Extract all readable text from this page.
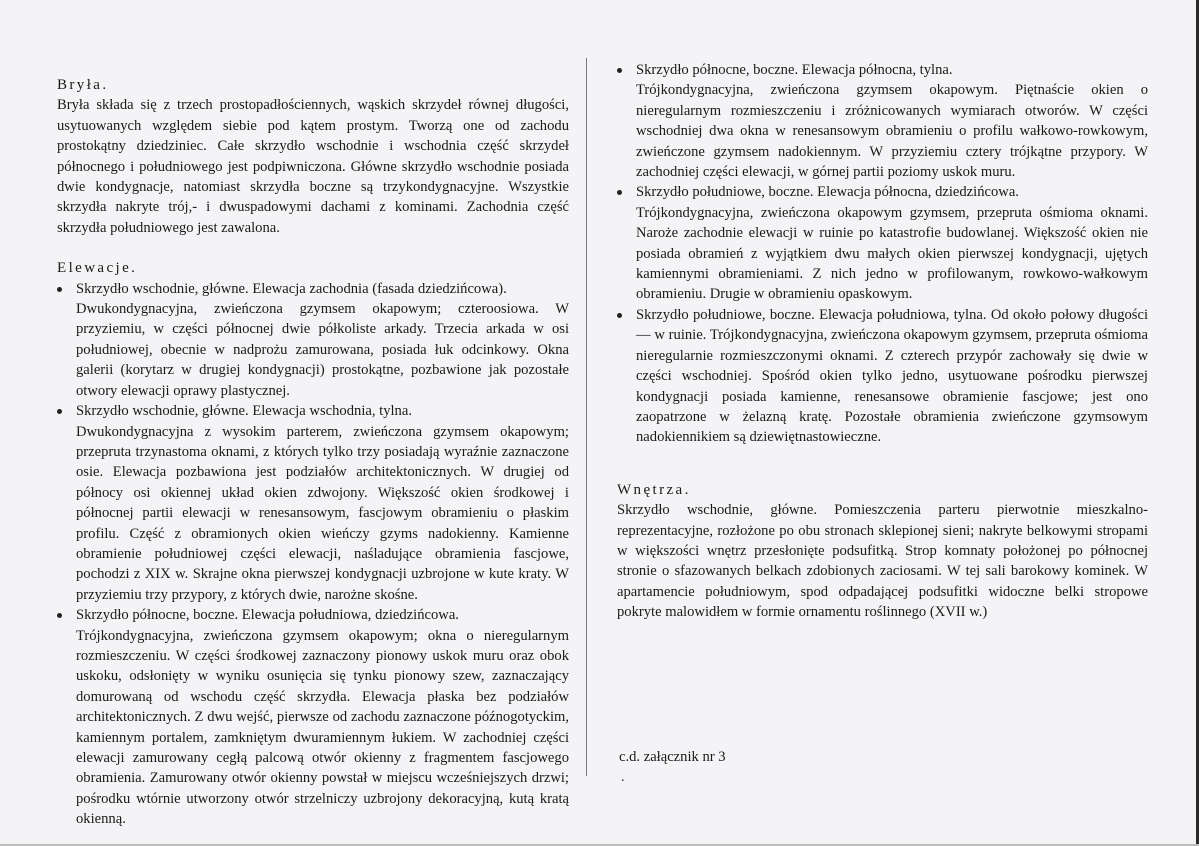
Bryła.

Bryła składa się z trzech prostopadłościennych, wąskich skrzydeł równej długości, usytuowanych względem siebie pod kątem prostym. Tworzą one od zachodu prostokątny dziedziniec. Całe skrzydło wschodnie i wschodnia część skrzydeł północnego i południowego jest podpiwniczona. Główne skrzydło wschodnie posiada dwie kondygnacje, natomiast skrzydła boczne są trzykondygnacyjne. Wszystkie skrzydła nakryte trój,- i dwuspadowymi dachami z kominami. Zachodnia część skrzydła południowego jest zawalona.

Elewacje.

Skrzydło wschodnie, główne. Elewacja zachodnia (fasada dziedzińcowa).
Dwukondygnacyjna, zwieńczona gzymsem okapowym; czteroosiowa. W przyziemiu, w części północnej dwie półkoliste arkady. Trzecia arkada w osi południowej, obecnie w nadprożu zamurowana, posiada łuk odcinkowy. Okna galerii (korytarz w drugiej kondygnacji) prostokątne, pozbawione jak pozostałe otwory elewacji oprawy plastycznej.
Skrzydło wschodnie, główne. Elewacja wschodnia, tylna.
Dwukondygnacyjna z wysokim parterem, zwieńczona gzymsem okapowym; przepruta trzynastoma oknami, z których tylko trzy posiadają wyraźnie zaznaczone osie. Elewacja pozbawiona jest podziałów architektonicznych. W drugiej od północy osi okiennej układ okien zdwojony. Większość okien środkowej i północnej partii elewacji w renesansowym, fascjowym obramieniu o płaskim profilu. Część z obramionych okien wieńczy gzyms nadokienny. Kamienne obramienie południowej części elewacji, naśladujące obramienia fascjowe, pochodzi z XIX w. Skrajne okna pierwszej kondygnacji uzbrojone w kute kraty. W przyziemiu trzy przypory, z których dwie, narożne skośne.
Skrzydło północne, boczne. Elewacja południowa, dziedzińcowa.
Trójkondygnacyjna, zwieńczona gzymsem okapowym; okna o nieregularnym rozmieszczeniu. W części środkowej zaznaczony pionowy uskok muru oraz obok uskoku, odsłonięty w wyniku osunięcia się tynku pionowy szew, zaznaczający domurowaną od wschodu część skrzydła. Elewacja płaska bez podziałów architektonicznych. Z dwu wejść, pierwsze od zachodu zaznaczone późnogotyckim, kamiennym portalem, zamkniętym dwuramiennym łukiem. W zachodniej części elewacji zamurowany cegłą palcową otwór okienny z fragmentem fascjowego obramienia. Zamurowany otwór okienny powstał w miejscu wcześniejszych drzwi; pośrodku wtórnie utworzony otwór strzelniczy uzbrojony dekoracyjną, kutą kratą okienną.
Skrzydło północne, boczne. Elewacja północna, tylna.
Trójkondygnacyjna, zwieńczona gzymsem okapowym. Piętnaście okien o nieregularnym rozmieszczeniu i zróżnicowanych wymiarach otworów. W części wschodniej dwa okna w renesansowym obramieniu o profilu wałkowo-rowkowym, zwieńczone gzymsem nadokiennym. W przyziemiu cztery trójkątne przypory. W zachodniej części elewacji, w górnej partii poziomy uskok muru.
Skrzydło południowe, boczne. Elewacja północna, dziedzińcowa.
Trójkondygnacyjna, zwieńczona okapowym gzymsem, przepruta ośmioma oknami. Naroże zachodnie elewacji w ruinie po katastrofie budowlanej. Większość okien nie posiada obramień z wyjątkiem dwu małych okien pierwszej kondygnacji, ujętych kamiennymi obramieniami. Z nich jedno w profilowanym, rowkowo-wałkowym obramieniu. Drugie w obramieniu opaskowym.
Skrzydło południowe, boczne. Elewacja południowa, tylna. Od około połowy długości — w ruinie. Trójkondygnacyjna, zwieńczona okapowym gzymsem, przepruta ośmioma nieregularnie rozmieszczonymi oknami. Z czterech przypór zachowały się dwie w części wschodniej. Spośród okien tylko jedno, usytuowane pośrodku pierwszej kondygnacji posiada kamienne, renesansowe obramienie fascjowe; jest ono zaopatrzone w żelazną kratę. Pozostałe obramienia zwieńczone gzymsowym nadokiennikiem są dziewiętnastowieczne.

Wnętrza.

Skrzydło wschodnie, główne. Pomieszczenia parteru pierwotnie mieszkalno-reprezentacyjne, rozłożone po obu stronach sklepionej sieni; nakryte belkowymi stropami w większości wnętrz przesłonięte podsufitką. Strop komnaty położonej po północnej stronie o sfazowanych belkach zdobionych zaciosami. W tej sali barokowy kominek. W apartamencie południowym, spod odpadającej podsufitki widoczne belki stropowe pokryte malowidłem w formie ornamentu roślinnego (XVII w.)

c.d. załącznik nr 3
.
